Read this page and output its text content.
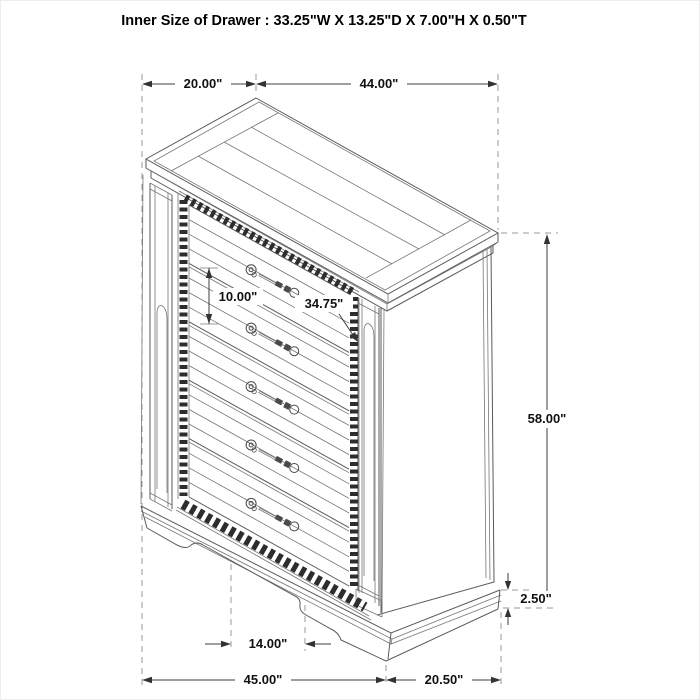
20.00"	44.00"
58.00"
2.50"
10.00"	34.75"
14.00"
45.00"	20.50"
Inner Size of Drawer : 33.25"W X 13.25"D X 7.00"H X 0.50"T
